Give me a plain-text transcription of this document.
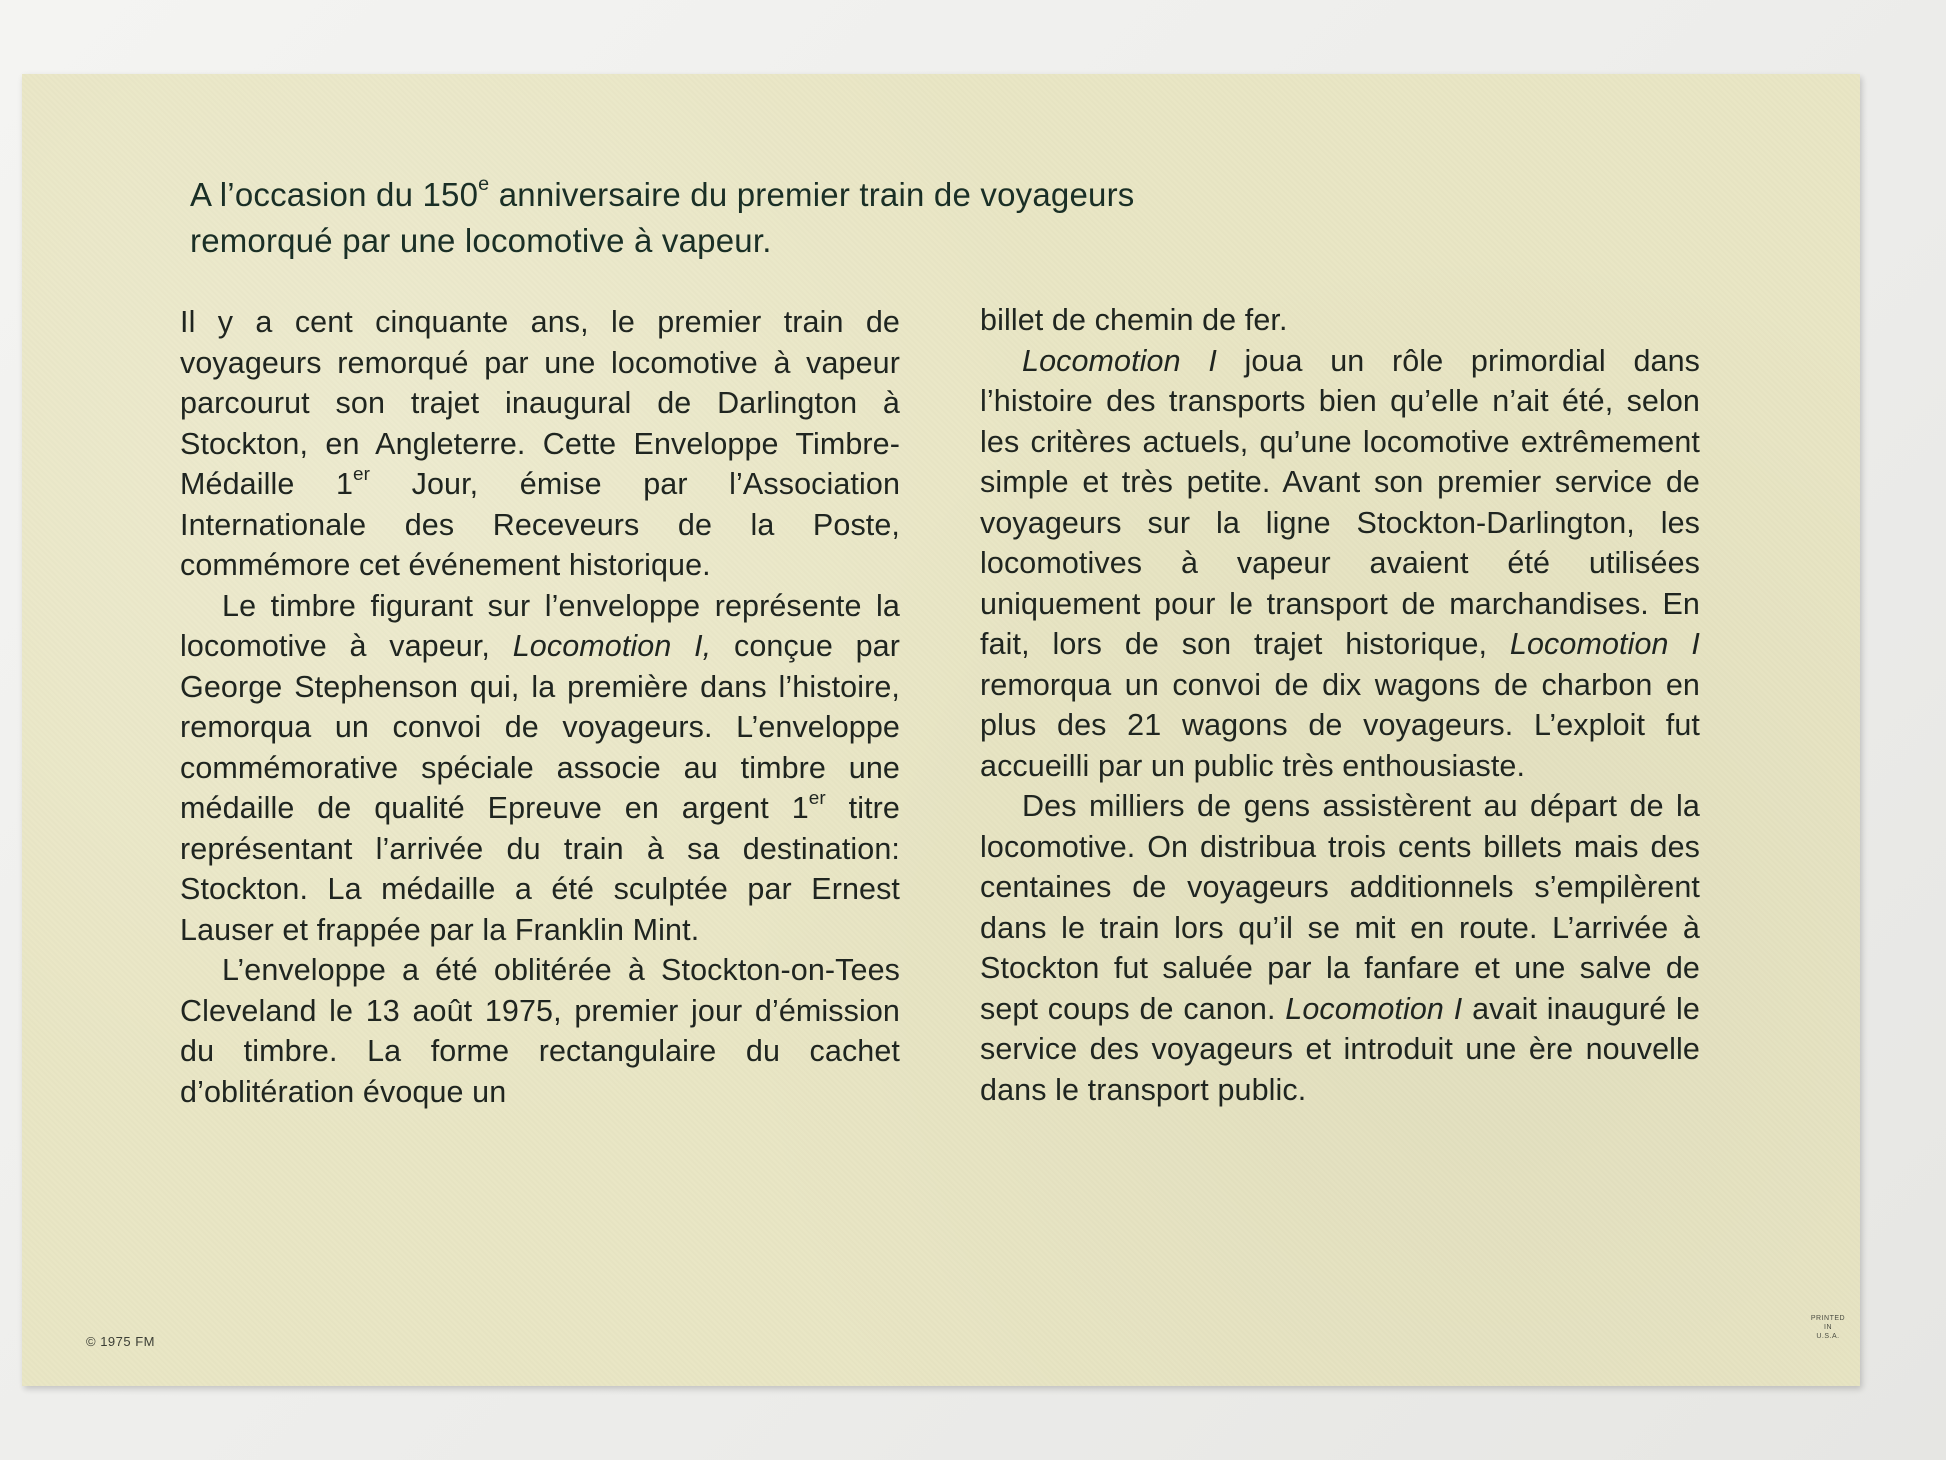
A l’occasion du 150e anniversaire du premier train de voyageurs
remorqué par une locomotive à vapeur.

Il y a cent cinquante ans, le premier train de voyageurs remorqué par une locomotive à vapeur parcourut son trajet inaugural de Darlington à Stockton, en Angleterre. Cette Enveloppe Timbre-Médaille 1er Jour, émise par l’Association Internationale des Receveurs de la Poste, commémore cet événement historique.

Le timbre figurant sur l’enveloppe représente la locomotive à vapeur, Locomotion I, conçue par George Stephenson qui, la première dans l’histoire, remorqua un convoi de voyageurs. L’enveloppe commémorative spéciale associe au timbre une médaille de qualité Epreuve en argent 1er titre représentant l’arrivée du train à sa destination: Stockton. La médaille a été sculptée par Ernest Lauser et frappée par la Franklin Mint.

L’enveloppe a été oblitérée à Stockton-on-Tees Cleveland le 13 août 1975, premier jour d’émission du timbre. La forme rectangulaire du cachet d’oblitération évoque un

billet de chemin de fer.

Locomotion I joua un rôle primordial dans l’histoire des transports bien qu’elle n’ait été, selon les critères actuels, qu’une locomotive extrêmement simple et très petite. Avant son premier service de voyageurs sur la ligne Stockton-Darlington, les locomotives à vapeur avaient été utilisées uniquement pour le transport de marchandises. En fait, lors de son trajet historique, Locomotion I remorqua un convoi de dix wagons de charbon en plus des 21 wagons de voyageurs. L’exploit fut accueilli par un public très enthousiaste.

Des milliers de gens assistèrent au départ de la locomotive. On distribua trois cents billets mais des centaines de voyageurs additionnels s’empilèrent dans le train lors qu’il se mit en route. L’arrivée à Stockton fut saluée par la fanfare et une salve de sept coups de canon. Locomotion I avait inauguré le service des voyageurs et introduit une ère nouvelle dans le transport public.

© 1975 FM
PRINTED
IN
U.S.A.
